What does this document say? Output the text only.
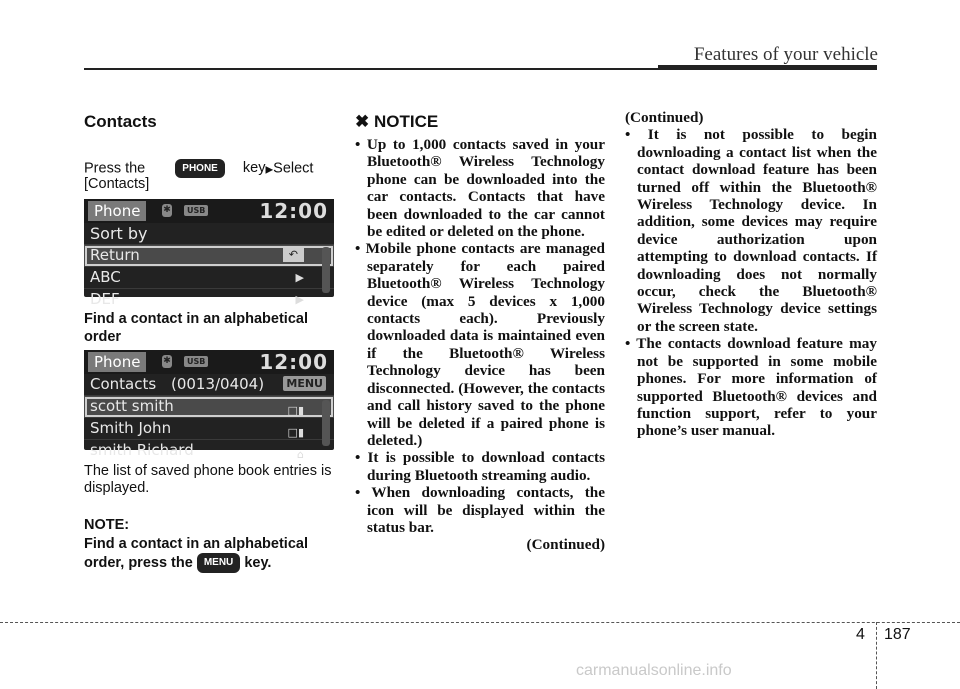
Features of your vehicle
Contacts
Press the	PHONE key▶Select
[Contacts]
Phone	✱	USB	12:00
Sort by
Return	↶
ABC	▶
DEF	▶
Find a contact in an alphabetical order
Phone	✱	USB	12:00
Contacts (0013/0404) MENU
scott smith	□▮
Smith John	□▮
smith Richard	⌂
The list of saved phone book entries is displayed.
NOTE:
Find a contact in an alphabetical order, press the MENU key.
✖ NOTICE
• Up to 1,000 contacts saved in your Bluetooth® Wireless Technology phone can be downloaded into the car contacts. Contacts that have been downloaded to the car cannot be edited or deleted on the phone.
• Mobile phone contacts are managed separately for each paired Bluetooth® Wireless Technology device (max 5 devices x 1,000 contacts each). Previously downloaded data is maintained even if the Bluetooth® Wireless Technology device has been disconnected. (However, the contacts and call history saved to the phone will be deleted if a paired phone is deleted.)
• It is possible to download contacts during Bluetooth streaming audio.
• When downloading contacts, the icon will be displayed within the status bar.
(Continued)
(Continued)
• It is not possible to begin downloading a contact list when the contact download feature has been turned off within the Bluetooth® Wireless Technology device. In addition, some devices may require device authorization upon attempting to download contacts. If downloading does not normally occur, check the Bluetooth® Wireless Technology device settings or the screen state.
• The contacts download feature may not be supported in some mobile phones. For more information of supported Bluetooth® devices and function support, refer to your phone’s user manual.
4 187
carmanualsonline.info
